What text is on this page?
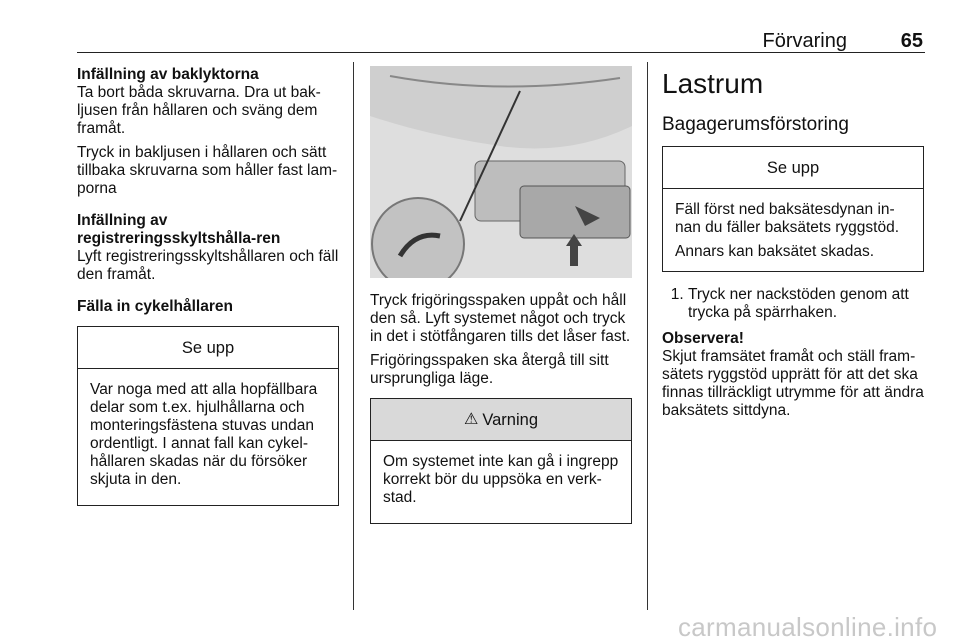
Förvaring	65
Infällning av baklyktorna

Ta bort båda skruvarna. Dra ut bak-ljusen från hållaren och sväng dem framåt.

Tryck in bakljusen i hållaren och sätt tillbaka skruvarna som håller fast lam-porna

Infällning av registreringsskyltshålla-ren

Lyft registreringsskyltshållaren och fäll den framåt.

Fälla in cykelhållaren
Se upp

Var noga med att alla hopfällbara delar som t.ex. hjulhållarna och monteringsfästena stuvas undan ordentligt. I annat fall kan cykel-hållaren skadas när du försöker skjuta in den.

Tryck frigöringsspaken uppåt och håll den så. Lyft systemet något och tryck in det i stötfångaren tills det låser fast.

Frigöringsspaken ska återgå till sitt ursprungliga läge.

⚠ Varning

Om systemet inte kan gå i ingrepp korrekt bör du uppsöka en verk-stad.

Lastrum
Bagagerumsförstoring
Se upp

Fäll först ned baksätesdynan in-nan du fäller baksätets ryggstöd.

Annars kan baksätet skadas.

1. Tryck ner nackstöden genom att trycka på spärrhaken.
Observera!

Skjut framsätet framåt och ställ fram-sätets ryggstöd upprätt för att det ska finnas tillräckligt utrymme för att ändra baksätets sittdyna.

carmanualsonline.info
